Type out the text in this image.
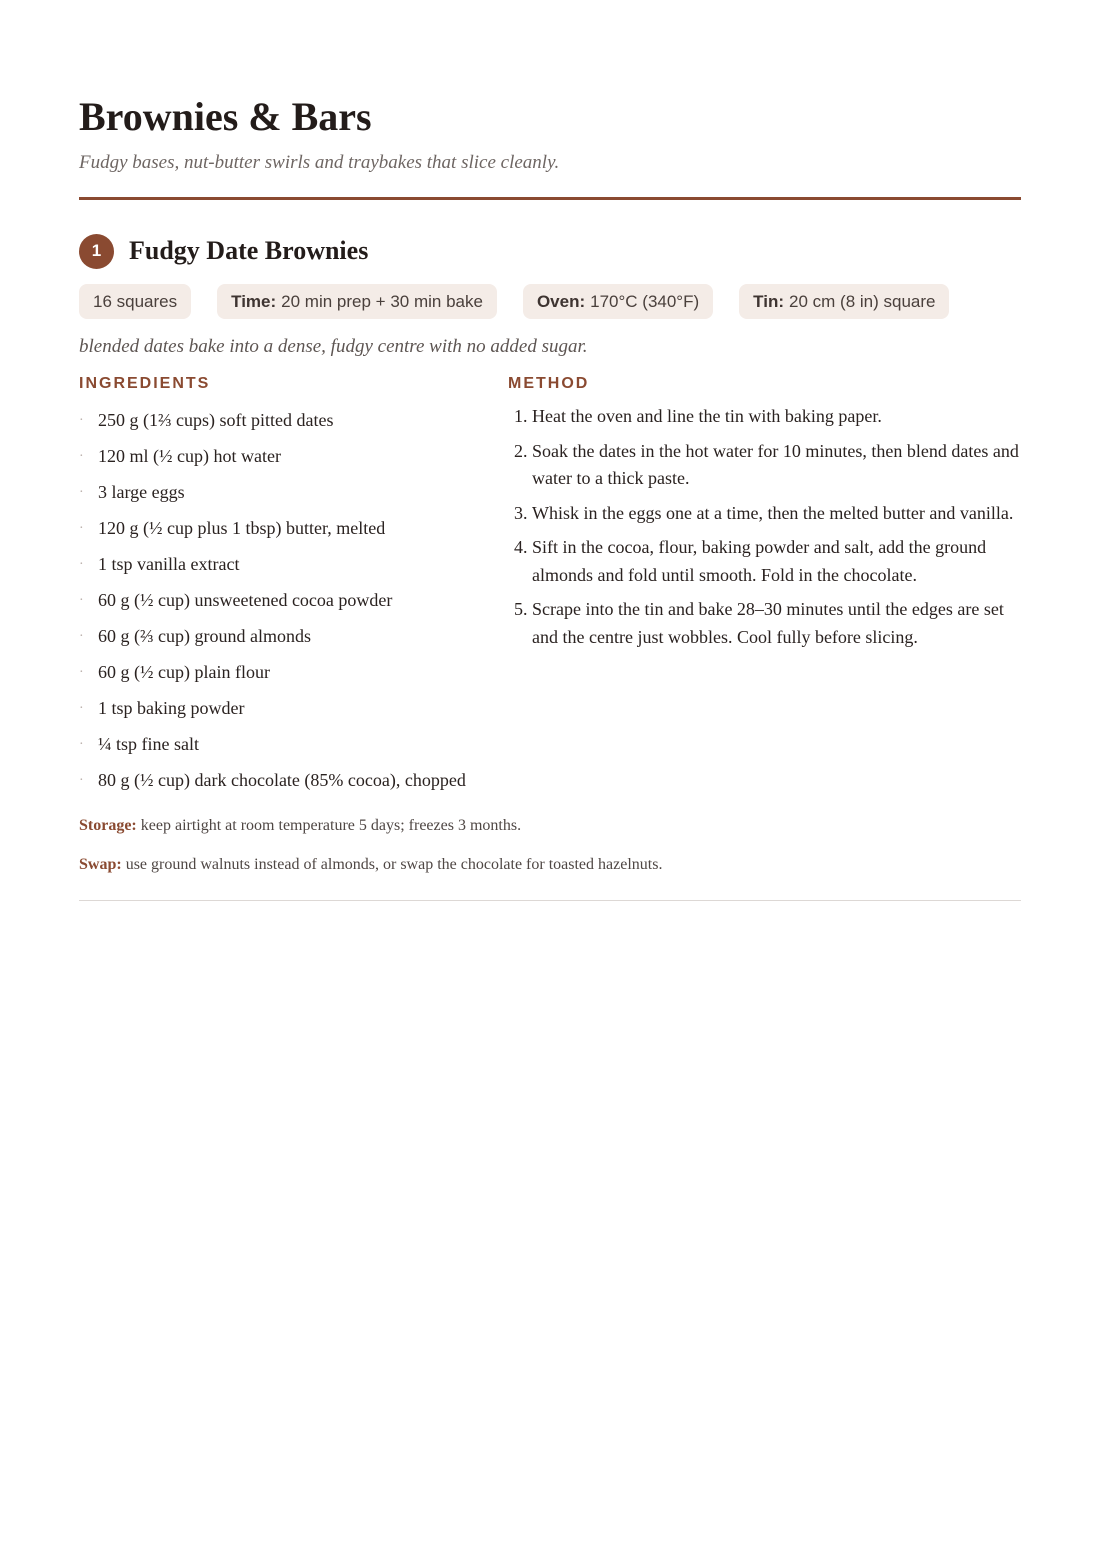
Brownies & Bars

Fudgy bases, nut-butter swirls and traybakes that slice cleanly.

1	Fudgy Date Brownies
16 squares	Time: 20 min prep + 30 min bake	Oven: 170°C (340°F)	Tin: 20 cm (8 in) square

blended dates bake into a dense, fudgy centre with no added sugar.

INGREDIENTS
· 250 g (1⅔ cups) soft pitted dates
· 120 ml (½ cup) hot water
· 3 large eggs
· 120 g (½ cup plus 1 tbsp) butter, melted
· 1 tsp vanilla extract
· 60 g (½ cup) unsweetened cocoa powder
· 60 g (⅔ cup) ground almonds
· 60 g (½ cup) plain flour
· 1 tsp baking powder
· ¼ tsp fine salt
· 80 g (½ cup) dark chocolate (85% cocoa), chopped
METHOD
1. Heat the oven and line the tin with baking paper.
2. Soak the dates in the hot water for 10 minutes, then blend dates and water to a thick paste.
3. Whisk in the eggs one at a time, then the melted butter and vanilla.
4. Sift in the cocoa, flour, baking powder and salt, add the ground almonds and fold until smooth. Fold in the chocolate.
5. Scrape into the tin and bake 28–30 minutes until the edges are set and the centre just wobbles. Cool fully before slicing.

Storage: keep airtight at room temperature 5 days; freezes 3 months.

Swap: use ground walnuts instead of almonds, or swap the chocolate for toasted hazelnuts.
